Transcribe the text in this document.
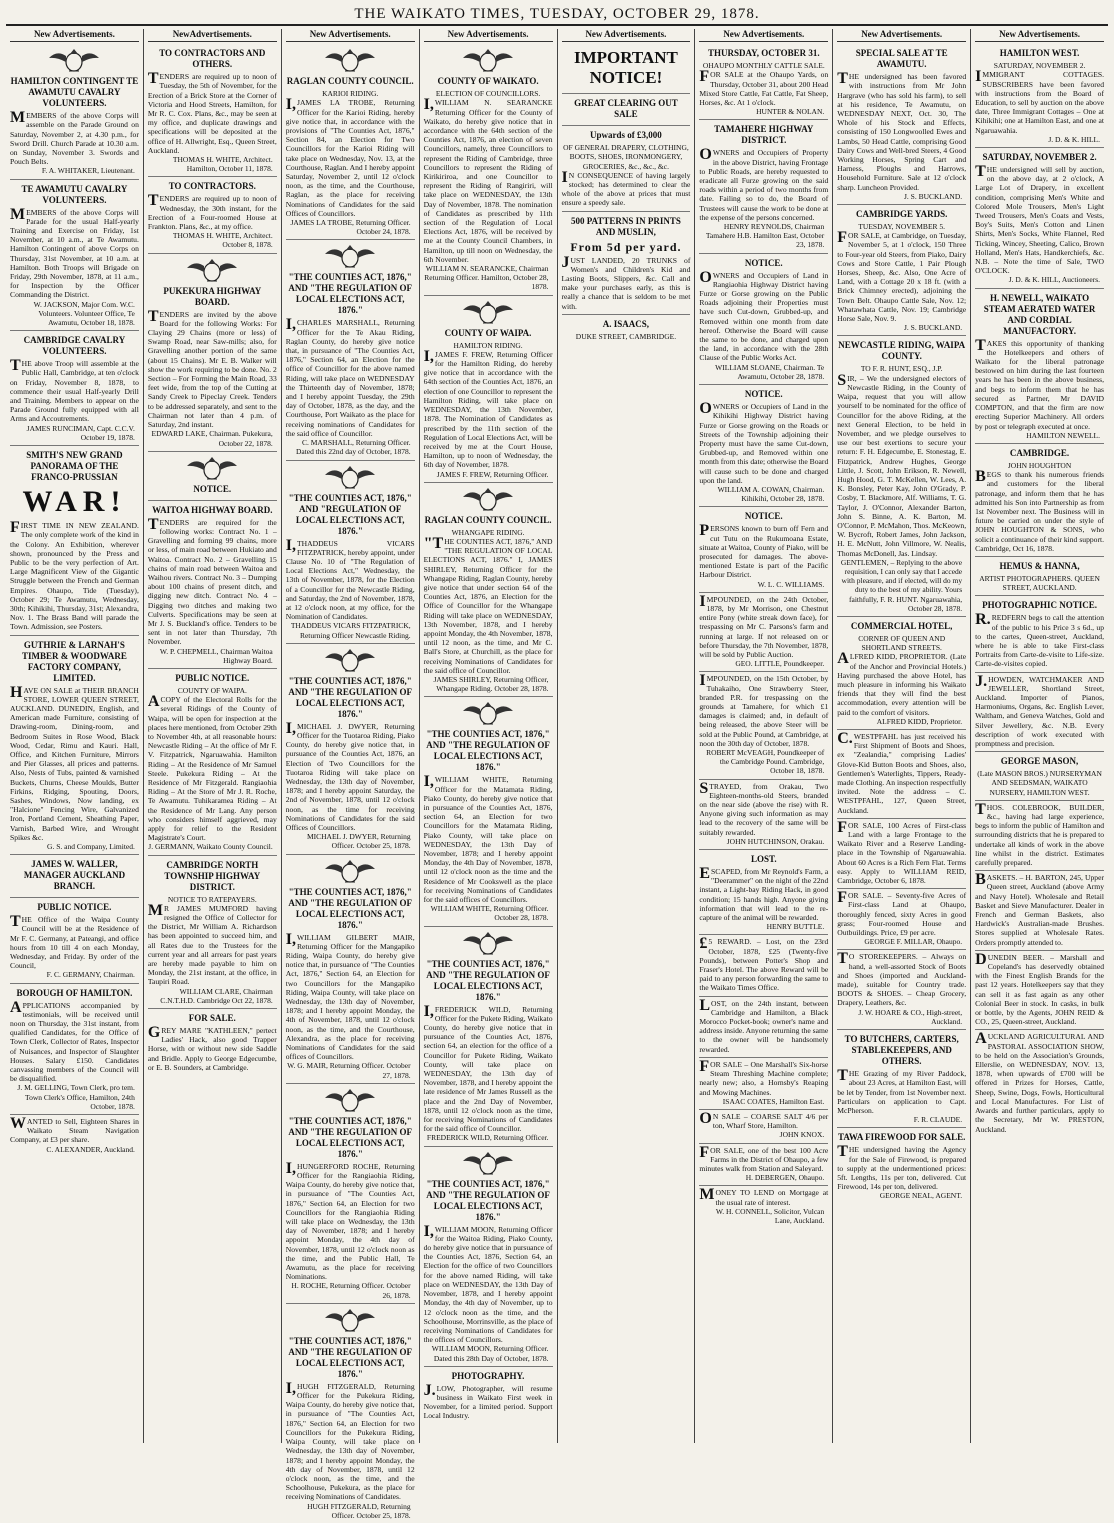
THE WAIKATO TIMES, TUESDAY, OCTOBER 29, 1878.
New Advertisements.
HAMILTON CONTINGENT TE AWAMUTU CAVALRY VOLUNTEERS.
MEMBERS of the above Corps will assemble on the Parade Ground on Saturday, November 2, at 4.30 p.m., for Sword Drill. Church Parade at 10.30 a.m. on Sunday, November 3. Swords and Pouch Belts.
F. A. WHITAKER, Lieutenant.
TE AWAMUTU CAVALRY VOLUNTEERS.
MEMBERS of the above Corps will Parade for the usual Half-yearly Training and Exercise on Friday, 1st November, at 10 a.m., at Te Awamutu. Hamilton Contingent of above Corps on Thursday, 31st November, at 10 a.m. at Hamilton. Both Troops will Brigade on Friday, 29th November, 1878, at 11 a.m., for Inspection by the Officer Commanding the District.
W. JACKSON, Major Com. W.C. Volunteers. Volunteer Office, Te Awamutu, October 18, 1878.
CAMBRIDGE CAVALRY VOLUNTEERS.
THE above Troop will assemble at the Public Hall, Cambridge, at ten o'clock on Friday, November 8, 1878, to commence their usual Half-yearly Drill and Training. Members to appear on the Parade Ground fully equipped with all Arms and Accoutrements.
JAMES RUNCIMAN, Capt. C.C.V. October 19, 1878.
SMITH'S NEW GRAND PANORAMA OF THE FRANCO-PRUSSIAN
WAR!
FIRST TIME IN NEW ZEALAND. The only complete work of the kind in the Colony. An Exhibition, wherever shown, pronounced by the Press and Public to be the very perfection of Art. Large Magnificent View of the Gigantic Struggle between the French and German Empires. Ohaupo, Tide (Tuesday), October 29; Te Awamutu, Wednesday, 30th; Kihikihi, Thursday, 31st; Alexandra, Nov. 1. The Brass Band will parade the Town. Admission, see Posters.
GUTHRIE & LARNAH'S TIMBER & WOODWARE FACTORY COMPANY, LIMITED.
HAVE ON SALE at THEIR BRANCH STORE, LOWER QUEEN STREET, AUCKLAND. DUNEDIN, English, and American made Furniture, consisting of Drawing-room, Dining-room, and Bedroom Suites in Rose Wood, Black Wood, Cedar, Rimu and Kauri. Hall, Office, and Kitchen Furniture, Mirrors and Pier Glasses, all prices and patterns. Also, Nests of Tubs, painted & varnished Buckets, Churns, Cheese Moulds, Butter Firkins, Ridging, Spouting, Doors, Sashes, Windows, Now landing, ex "Halcione" Fencing Wire, Galvanized Iron, Portland Cement, Sheathing Paper, Varnish, Barbed Wire, and Wrought Spikes &c.
G. S. and Company, Limited.
JAMES W. WALLER, MANAGER AUCKLAND BRANCH.
PUBLIC NOTICE.
THE Office of the Waipa County Council will be at the Residence of Mr F. C. Germany, at Pateangi, and office hours from 10 till 4 on each Monday, Wednesday, and Friday. By order of the Council,
F. C. GERMANY, Chairman.
BOROUGH OF HAMILTON.
APPLICATIONS accompanied by testimonials, will be received until noon on Thursday, the 31st instant, from qualified Candidates, for the Office of Town Clerk, Collector of Rates, Inspector of Nuisances, and Inspector of Slaughter Houses. Salary £150. Candidates canvassing members of the Council will be disqualified.
J. M. GELLING, Town Clerk, pro tem. Town Clerk's Office, Hamilton, 24th October, 1878.
WANTED to Sell, Eighteen Shares in Waikato Steam Navigation Company, at £3 per share.
C. ALEXANDER, Auckland.
NewAdvertisements.
TO CONTRACTORS AND OTHERS.
TENDERS are required up to noon of Tuesday, the 5th of November, for the Erection of a Brick Store at the Corner of Victoria and Hood Streets, Hamilton, for Mr R. C. Cox. Plans, &c., may be seen at my office, and duplicate drawings and specifications will be deposited at the office of H. Allwright, Esq., Queen Street, Auckland.
THOMAS H. WHITE, Architect. Hamilton, October 11, 1878.
TO CONTRACTORS.
TENDERS are required up to noon of Wednesday, the 30th instant, for the Erection of a Four-roomed House at Frankton. Plans, &c., at my office.
THOMAS H. WHITE, Architect. October 8, 1878.
PUKEKURA HIGHWAY BOARD.
TENDERS are invited by the above Board for the following Works: For Claying 29 Chains (more or less) of Swamp Road, near Saw-mills; also, for Gravelling another portion of the same (about 15 Chains). Mr E. B. Walker will show the work requiring to be done. No. 2 Section – For Forming the Main Road, 33 feet wide, from the top of the Cutting at Sandy Creek to Pipeclay Creek. Tenders to be addressed separately, and sent to the Chairman not later than 4 p.m. of Saturday, 2nd instant.
EDWARD LAKE, Chairman. Pukekura, October 22, 1878.
NOTICE.
WAITOA HIGHWAY BOARD.
TENDERS are required for the following works: Contract No. 1 – Gravelling and forming 99 chains, more or less, of main road between Hukiato and Waitoa. Contract No. 2 – Gravelling 15 chains of main road between Waitoa and Waihou rivers. Contract No. 3 – Dumping about 100 chains of present ditch, and digging new ditch. Contract No. 4 – Digging two ditches and making two Culverts. Specifications may be seen at Mr J. S. Buckland's office. Tenders to be sent in not later than Thursday, 7th November.
W. P. CHEPMELL, Chairman Waitoa Highway Board.
PUBLIC NOTICE.
COUNTY OF WAIPA.
ACOPY of the Electoral Rolls for the several Ridings of the County of Waipa, will be open for inspection at the places here mentioned, from October 29th to November 4th, at all reasonable hours: Newcastle Riding – At the office of Mr F. V. Fitzpatrick, Ngaruawahia. Hamilton Riding – At the Residence of Mr Samuel Steele. Pukekura Riding – At the Residence of Mr Fitzgerald. Rangiaohia Riding – At the Store of Mr J. R. Roche, Te Awamutu. Tuhikaramea Riding – At the Residence of Mr Lang. Any person who considers himself aggrieved, may apply for relief to the Resident Magistrate's Court.
J. GERMANN, Waikato County Council.
CAMBRIDGE NORTH TOWNSHIP HIGHWAY DISTRICT.
NOTICE TO RATEPAYERS.
MR JAMES MUMFORD having resigned the Office of Collector for the District, Mr William A. Richardson has been appointed to succeed him, and all Rates due to the Trustees for the current year and all arrears for past years are hereby made payable to him on Monday, the 21st instant, at the office, in Taupiri Road.
WILLIAM CLARE, Chairman C.N.T.H.D. Cambridge Oct 22, 1878.
FOR SALE.
GREY MARE "KATHLEEN," pertect Ladies' Hack, also good Trapper Horse, with or without new side Saddle and Bridle. Apply to George Edgecumbe, or E. B. Sounders, at Cambridge.
New Advertisements.
RAGLAN COUNTY COUNCIL.
KARIOI RIDING.
I,JAMES LA TROBE, Returning Officer for the Karioi Riding, hereby give notice that, in accordance with the provisions of "The Counties Act, 1876," Section 84, an Election for Two Councillors for the Karioi Riding will take place on Wednesday, Nov. 13, at the Courthouse, Raglan. And I hereby appoint Saturday, November 2, until 12 o'clock noon, as the time, and the Courthouse, Raglan, as the place for receiving Nominations of Candidates for the said Offices of Councillors.
JAMES LA TROBE, Returning Officer. October 24, 1878.
"THE COUNTIES ACT, 1876," AND "THE REGULATION OF LOCAL ELECTIONS ACT, 1876."
I,CHARLES MARSHALL, Returning Officer for the Te Akau Riding, Raglan County, do hereby give notice that, in pursuance of "The Counties Act, 1876," Section 64, an Election for the office of Councillor for the above named Riding, will take place on WEDNESDAY the Thirteenth day of November, 1878; and I hereby appoint Tuesday, the 29th day of October, 1878, as the day, and the Courthouse, Port Waikato as the place for receiving nominations of Candidates for the said office of Councillor.
C. MARSHALL, Returning Officer. Dated this 22nd day of October, 1878.
"THE COUNTIES ACT, 1876," AND "REGULATION OF LOCAL ELECTIONS ACT, 1876."
I,THADDEUS VICARS FITZPATRICK, hereby appoint, under Clause No. 10 of "The Regulation of Local Elections Act," Wednesday, the 13th of November, 1878, for the Election of a Councillor for the Newcastle Riding, and Saturday, the 2nd of November, 1878, at 12 o'clock noon, at my office, for the Nomination of Candidates.
THADDEUS VICARS FITZPATRICK, Returning Officer Newcastle Riding.
"THE COUNTIES ACT, 1876," AND "THE REGULATION OF LOCAL ELECTIONS ACT, 1876."
I,MICHAEL J. DWYER, Returning Officer for the Tuotaroa Riding, Piako County, do hereby give notice that, in pursuance of the Counties Act, 1876, an Election of Two Councillors for the Tuotaroa Riding will take place on Wednesday, the 13th day of November, 1878; and I hereby appoint Saturday, the 2nd of November, 1878, until 12 o'clock noon, as the time for receiving Nominations of Candidates for the said Offices of Councillors.
MICHAEL J. DWYER, Returning Officer. October 25, 1878.
"THE COUNTIES ACT, 1876," AND "THE REGULATION OF LOCAL ELECTIONS ACT, 1876."
I,WILLIAM GILBERT MAIR, Returning Officer for the Mangapiko Riding, Waipa County, do hereby give notice that, in pursuance of "The Counties Act, 1876," Section 64, an Election for two Councillors for the Mangapiko Riding, Waipa County, will take place on Wednesday, the 13th day of November, 1878; and I hereby appoint Monday, the 4th of November, 1878, until 12 o'clock noon, as the time, and the Courthouse, Alexandra, as the place for receiving Nominations of Candidates for the said offices of Councillors.
W. G. MAIR, Returning Officer. October 27, 1878.
"THE COUNTIES ACT, 1876," AND "THE REGULATION OF LOCAL ELECTIONS ACT, 1876."
I,HUNGERFORD ROCHE, Returning Officer for the Rangiaohia Riding, Waipa County, do hereby give notice that, in pursuance of "The Counties Act, 1876," Section 64, an Election for two Councillors for the Rangiaohia Riding will take place on Wednesday, the 13th day of November, 1878; and I hereby appoint Monday, the 4th day of November, 1878, until 12 o'clock noon as the time, and the Public Hall, Te Awamutu, as the place for receiving Nominations.
H. ROCHE, Returning Officer. October 26, 1878.
"THE COUNTIES ACT, 1876," AND "THE REGULATION OF LOCAL ELECTIONS ACT, 1876."
I,HUGH FITZGERALD, Returning Officer for the Pukekura Riding, Waipa County, do hereby give notice that, in pursuance of "The Counties Act, 1876," Section 64, an Election for two Councillors for the Pukekura Riding, Waipa County, will take place on Wednesday, the 13th day of November, 1878; and I hereby appoint Monday, the 4th day of November, 1878, until 12 o'clock noon, as the time, and the Schoolhouse, Pukekura, as the place for receiving Nominations of Candidates.
HUGH FITZGERALD, Returning Officer. October 25, 1878.
New Advertisements.
COUNTY OF WAIKATO.
ELECTION OF COUNCILLORS.
I,WILLIAM N. SEARANCKE Returning Officer for the County of Waikato, do hereby give notice that in accordance with the 64th section of the Counties Act, 1876, an election of seven Councillors, namely, three Councillors to represent the Riding of Cambridge, three Councillors to represent the Riding of Kirikiriroa, and one Councillor to represent the Riding of Rangiriri, will take place on WEDNESDAY, the 13th Day of November, 1878. The nomination of Candidates as prescribed by 11th section of the Regulation of Local Elections Act, 1876, will be received by me at the County Council Chambers, in Hamilton, up till noon on Wednesday, the 6th November.
WILLIAM N. SEARANCKE, Chairman Returning Officer. Hamilton, October 28, 1878.
COUNTY OF WAIPA.
HAMILTON RIDING.
I,JAMES F. FREW, Returning Officer for the Hamilton Riding, do hereby give notice that in accordance with the 64th section of the Counties Act, 1876, an election of one Councillor to represent the Hamilton Riding, will take place on WEDNESDAY, the 13th November, 1878. The Nomination of Candidates as prescribed by the 11th section of the Regulation of Local Elections Act, will be received by me at the Court House, Hamilton, up to noon of Wednesday, the 6th day of November, 1878.
JAMES F. FREW, Returning Officer.
RAGLAN COUNTY COUNCIL.
WHANGAPE RIDING.
"THE COUNTIES ACT, 1876," AND "THE REGULATION OF LOCAL ELECTIONS ACT, 1876." I, JAMES SHIRLEY, Returning Officer for the Whangape Riding, Raglan County, hereby give notice that under section 64 of the Counties Act, 1876, an Election for the Office of Councillor for the Whangape Riding will take place on WEDNESDAY, 13th November, 1878, and I hereby appoint Monday, the 4th November, 1878, until 12 noon, as the time, and Mr C. Ball's Store, at Churchill, as the place for receiving Nominations of Candidates for the said office of Councillor.
JAMES SHIRLEY, Returning Officer, Whangape Riding. October 28, 1878.
"THE COUNTIES ACT, 1876," AND "THE REGULATION OF LOCAL ELECTIONS ACT, 1876."
I,WILLIAM WHITE, Returning Officer for the Matamata Riding, Piako County, do hereby give notice that in pursuance of the Counties Act, 1876, section 64, an Election for two Councillors for the Matamata Riding, Piako County, will take place on WEDNESDAY, the 13th Day of November, 1878; and I hereby appoint Monday, the 4th Day of November, 1878, until 12 o'clock noon as the time and the Residence of Mr Cookswell as the place for receiving Nominations of Candidates for the said offices of Councillors.
WILLIAM WHITE, Returning Officer. October 28, 1878.
"THE COUNTIES ACT, 1876," AND "THE REGULATION OF LOCAL ELECTIONS ACT, 1876."
I,FREDERICK WILD, Returning Officer for the Pukete Riding, Waikato County, do hereby give notice that in pursuance of the Counties Act, 1876, section 64, an election for the office of a Councillor for Pukete Riding, Waikato County, will take place on WEDNESDAY, the 13th day of November, 1878, and I hereby appoint the late residence of Mr James Russell as the place and the 2nd Day of November, 1878, until 12 o'clock noon as the time, for receiving Nominations of Candidates for the said office of Councillor.
FREDERICK WILD, Returning Officer.
"THE COUNTIES ACT, 1876," AND "THE REGULATION OF LOCAL ELECTIONS ACT, 1876."
I,WILLIAM MOON, Returning Officer for the Waitoa Riding, Piako County, do hereby give notice that in pursuance of the Counties Act, 1876, Section 64, an Election for the office of two Councillors for the above named Riding, will take place on WEDNESDAY, the 13th Day of November, 1878, and I hereby appoint Monday, the 4th day of November, up to 12 o'clock noon as the time, and the Schoolhouse, Morrinsville, as the place of receiving Nominations of Candidates for the offices of Councillors.
WILLIAM MOON, Returning Officer. Dated this 28th Day of October, 1878.
PHOTOGRAPHY.
J.LOW, Photographer, will resume business in Waikato First week in November, for a limited period. Support Local Industry.
New Advertisements.
IMPORTANT NOTICE!
GREAT CLEARING OUT SALE
Upwards of £3,000
OF GENERAL DRAPERY, CLOTHING, BOOTS, SHOES, IRONMONGERY, GROCERIES, &c., &c., &c.
IN CONSEQUENCE of having largely stocked; has determined to clear the whole of the above at prices that must ensure a speedy sale.
500 PATTERNS IN PRINTS AND MUSLIN,
From 5d per yard.
JUST LANDED, 20 TRUNKS of Women's and Children's Kid and Lasting Boots, Slippers, &c. Call and make your purchases early, as this is really a chance that is seldom to be met with.
A. ISAACS,
DUKE STREET, CAMBRIDGE.
New Advertisements.
THURSDAY, OCTOBER 31.
OHAUPO MONTHLY CATTLE SALE.
FOR SALE at the Ohaupo Yards, on Thursday, October 31, about 200 Head Mixed Store Cattle, Fat Cattle, Fat Sheep, Horses, &c. At 1 o'clock.
HUNTER & NOLAN.
TAMAHERE HIGHWAY DISTRICT.
OWNERS and Occupiers of Property in the above District, having Frontage to Public Roads, are hereby requested to eradicate all Furze growing on the said roads within a period of two months from date. Failing so to do, the Board of Trustees will cause the work to be done at the expense of the persons concerned.
HENRY REYNOLDS, Chairman Tamahere H.B. Hamilton East, October 23, 1878.
NOTICE.
OWNERS and Occupiers of Land in Rangiaohia Highway District having Furze or Gorse growing on the Public Roads adjoining their Properties must have such Cut-down, Grubbed-up, and Removed within one month from date hereof. Otherwise the Board will cause the same to be done, and charged upon the land, in accordance with the 28th Clause of the Public Works Act.
WILLIAM SLOANE, Chairman. Te Awamutu, October 28, 1878.
NOTICE.
OWNERS or Occupiers of Land in the Kihikihi Highway District having Furze or Gorse growing on the Roads or Streets of the Township adjoining their Property must have the same Cut-down, Grubbed-up, and Removed within one month from this date; otherwise the Board will cause such to be done and charged upon the land.
WILLIAM A. COWAN, Chairman. Kihikihi, October 28, 1878.
NOTICE.
PERSONS known to burn off Fern and cut Tutu on the Rukumoana Estate, situate at Waitoa, County of Piako, will be prosecuted for damages. The above-mentioned Estate is part of the Pacific Harbour District.
W. L. C. WILLIAMS.
IMPOUNDED, on the 24th October, 1878, by Mr Morrison, one Chestnut entire Pony (white streak down face), for trespassing on Mr C. Parsons's farm and running at large. If not released on or before Thursday, the 7th November, 1878, will be sold by Public Auction.
GEO. LITTLE, Poundkeeper.
IMPOUNDED, on the 15th October, by Tuhakaiho, One Strawberry Steer, branded P.R. for trespassing on the grounds at Tamahere, for which £1 damages is claimed; and, in default of being released, the above Steer will be sold at the Public Pound, at Cambridge, at noon the 30th day of October, 1878.
ROBERT McVEAGH, Poundkeeper of the Cambridge Pound. Cambridge, October 18, 1878.
STRAYED, from Orakau, Two Eighteen-months-old Steers, branded on the near side (above the rise) with R. Anyone giving such information as may lead to the recovery of the same will be suitably rewarded.
JOHN HUTCHINSON, Orakau.
LOST.
ESCAPED, from Mr Reynold's Farm, a "Deerammer" on the night of the 22nd instant, a Light-bay Riding Hack, in good condition; 15 hands high. Anyone giving information that will lead to the re-capture of the animal will be rewarded.
HENRY BUTTLE.
£5 REWARD. – Lost, on the 23rd October, 1878, £25 (Twenty-five Pounds), between Potter's Shop and Fraser's Hotel. The above Reward will be paid to any person forwarding the same to the Waikato Times Office.
LOST, on the 24th instant, between Cambridge and Hamilton, a Black Morocco Pocket-book; owner's name and address inside. Anyone returning the same to the owner will be handsomely rewarded.
FOR SALE – One Marshall's Six-horse Steam Threshing Machine complete; nearly new; also, a Hornsby's Reaping and Mowing Machines.
ISAAC COATES, Hamilton East.
ON SALE – COARSE SALT 4/6 per ton, Wharf Store, Hamilton.
JOHN KNOX.
FOR SALE, one of the best 100 Acre Farms in the District of Ohaupo, a few minutes walk from Station and Saleyard.
H. DEBERGEN, Ohaupo.
MONEY TO LEND on Mortgage at the usual rate of interest.
W. H. CONNELL, Solicitor, Vulcan Lane, Auckland.
New Advertisements.
SPECIAL SALE AT TE AWAMUTU.
THE undersigned has been favored with instructions from Mr John Hargrave (who has sold his farm), to sell at his residence, Te Awamutu, on WEDNESDAY NEXT, Oct. 30, The Whole of his Stock and Effects, consisting of 150 Longwoolled Ewes and Lambs, 50 Head Cattle, comprising Good Dairy Cows and Well-bred Steers, 4 Good Working Horses, Spring Cart and Harness, Ploughs and Harrows, Household Furniture. Sale at 12 o'clock sharp. Luncheon Provided.
J. S. BUCKLAND.
CAMBRIDGE YARDS.
TUESDAY, NOVEMBER 5.
FOR SALE, at Cambridge, on Tuesday, November 5, at 1 o'clock, 150 Three to Four-year old Steers, from Piako, Dairy Cows and Store Cattle, 1 Pair Plough Horses, Sheep, &c. Also, One Acre of Land, with a Cottage 20 x 18 ft. (with a Brick Chimney erected), adjoining the Town Belt. Ohaupo Cattle Sale, Nov. 12; Whatawhata Cattle, Nov. 19; Cambridge Horse Sale, Nov. 9.
J. S. BUCKLAND.
NEWCASTLE RIDING, WAIPA COUNTY.
TO F. R. HUNT, ESQ., J.P.
SIR, – We the undersigned electors of Newcastle Riding, in the County of Waipa, request that you will allow yourself to be nominated for the office of Councillor for the above Riding, at the next General Election, to be held in November, and we pledge ourselves to use our best exertions to secure your return: F. H. Edgecumbe, E. Stonestag, E. Fitzpatrick, Andrew Hughes, George Little, J. Scott, John Erikson, R. Newell, Hugh Hood, G. T. McKellen, W. Lees, A. K. Bonsley, Peter Kay, John O'Grady, P. Cosby, T. Blackmore, Alf. Williams, T. G. Taylor, J. O'Connor, Alexander Barton, John S. Binne, A. K. Barton, M. O'Connor, P. McMahon, Thos. McKeown, W. Bycroft, Robert James, John Jackson, H. E. McNutt, John Villmore, W. Nealis, Thomas McDonell, Jas. Lindsay.
GENTLEMEN, – Replying to the above requisition, I can only say that I accede with pleasure, and if elected, will do my duty to the best of my ability. Yours faithfully, F. R. HUNT. Ngaruawahia, October 28, 1878.
COMMERCIAL HOTEL,
CORNER OF QUEEN AND SHORTLAND STREETS.
ALFRED KIDD, PROPRIETOR. (Late of the Anchor and Provincial Hotels.) Having purchased the above Hotel, has much pleasure in informing his Waikato friends that they will find the best accommodation, every attention will be paid to the comfort of visitors.
ALFRED KIDD, Proprietor.
C.WESTPFAHL has just received his First Shipment of Boots and Shoes, ex "Zealandia," comprising Ladies' Glove-Kid Button Boots and Shoes, also, Gentlemen's Waterlights, Tippers, Ready-made Clothing. An inspection respectfully invited. Note the address – C. WESTPFAHL, 127, Queen Street, Auckland.
FOR SALE, 100 Acres of First-class Land with a large Frontage to the Waikato River and a Reserve Landing-place in the Township of Ngaruawahia. About 60 Acres is a Rich Fern Flat. Terms easy. Apply to WILLIAM REID, Cambridge, October 6, 1878.
FOR SALE. – Seventy-five Acres of First-class Land at Ohaupo, thoroughly fenced, sixty Acres in good grass; Four-roomed House and Outbuildings. Price, £9 per acre.
GEORGE F. MILLAR, Ohaupo.
TO STOREKEEPERS. – Always on hand, a well-assorted Stock of Boots and Shoes (imported and Auckland-made), suitable for Country trade. BOOTS & SHOES. – Cheap Grocery, Drapery, Leathers, &c.
J. W. HOARE & CO., High-street, Auckland.
TO BUTCHERS, CARTERS, STABLEKEEPERS, AND OTHERS.
THE Grazing of my River Paddock, about 23 Acres, at Hamilton East, will be let by Tender, from 1st November next. Particulars on application to Capt. McPherson.
F. R. CLAUDE.
TAWA FIREWOOD FOR SALE.
THE undersigned having the Agency for the Sale of Firewood, is prepared to supply at the undermentioned prices: 5ft. Lengths, 11s per ton, delivered. Cut Firewood, 14s per ton, delivered.
GEORGE NEAL, AGENT.
New Advertisements.
HAMILTON WEST.
SATURDAY, NOVEMBER 2.
IMMIGRANT COTTAGES. SUBSCRIBERS have been favored with instructions from the Board of Education, to sell by auction on the above date, Three Immigrant Cottages – One at Kihikihi; one at Hamilton East, and one at Ngaruawahia.
J. D. & K. HILL.
SATURDAY, NOVEMBER 2.
THE undersigned will sell by auction, on the above day, at 2 o'clock, A Large Lot of Drapery, in excellent condition, comprising Men's White and Colored Mole Trousers, Men's Light Tweed Trousers, Men's Coats and Vests, Boy's Suits, Men's Cotton and Linen Shirts, Men's Socks, White Flannel, Red Ticking, Wincey, Sheeting, Calico, Brown Holland, Men's Hats, Handkerchiefs, &c. N.B. – Note the time of Sale, TWO O'CLOCK.
J. D. & K. HILL, Auctioneers.
H. NEWELL, WAIKATO STEAM AERATED WATER AND CORDIAL MANUFACTORY.
TAKES this opportunity of thanking the Hotelkeepers and others of Waikato for the liberal patronage bestowed on him during the last fourteen years he has been in the above business, and begs to inform them that he has secured as Partner, Mr DAVID COMPTON, and that the firm are now erecting Superior Machinery. All orders by post or telegraph executed at once.
HAMILTON NEWELL.
CAMBRIDGE.
JOHN HOUGHTON
BEGS to thank his numerous friends and customers for the liberal patronage, and inform them that he has admitted his Son into Partnership as from 1st November next. The Business will in future be carried on under the style of JOHN HOUGHTON & SONS, who solicit a continuance of their kind support. Cambridge, Oct 16, 1878.
HEMUS & HANNA,
ARTIST PHOTOGRAPHERS. QUEEN STREET, AUCKLAND.
PHOTOGRAPHIC NOTICE.
R.REDFERN begs to call the attention of the public to his Price 3 s 6d., up to the cartes, Queen-street, Auckland, where he is able to take First-class Portraits from Carte-de-visite to Life-size. Carte-de-visites copied.
J.HOWDEN, WATCHMAKER AND JEWELLER, Shortland Street, Auckland. Importer of Pianos, Harmoniums, Organs, &c. English Lever, Waltham, and Geneva Watches, Gold and Silver Jewellery, &c. N.B. Every description of work executed with promptness and precision.
GEORGE MASON,
(Late MASON BROS.) NURSERYMAN AND SEEDSMAN, WAIKATO NURSERY, HAMILTON WEST.
THOS. COLEBROOK, BUILDER, &c., having had large experience, begs to inform the public of Hamilton and surrounding districts that he is prepared to undertake all kinds of work in the above line whilst in the district. Estimates carefully prepared.
BASKETS. – H. BARTON, 245, Upper Queen street, Auckland (above Army and Navy Hotel). Wholesale and Retail Basket and Sieve Manufacturer. Dealer in French and German Baskets, also Hardwick's Australian-made Brushes. Stores supplied at Wholesale Rates. Orders promptly attended to.
DUNEDIN BEER. – Marshall and Copeland's has deservedly obtained with the Finest English Brands for the past 12 years. Hotelkeepers say that they can sell it as fast again as any other Colonial Beer in stock. In casks, in bulk or bottle, by the Agents, JOHN REID & CO., 25, Queen-street, Auckland.
AUCKLAND AGRICULTURAL AND PASTORAL ASSOCIATION SHOW, to be held on the Association's Grounds, Ellerslie, on WEDNESDAY, NOV. 13, 1878, when upwards of £700 will be offered in Prizes for Horses, Cattle, Sheep, Swine, Dogs, Fowls, Horticultural and Local Manufactures. For List of Awards and further particulars, apply to the Secretary, Mr W. PRESTON, Auckland.
